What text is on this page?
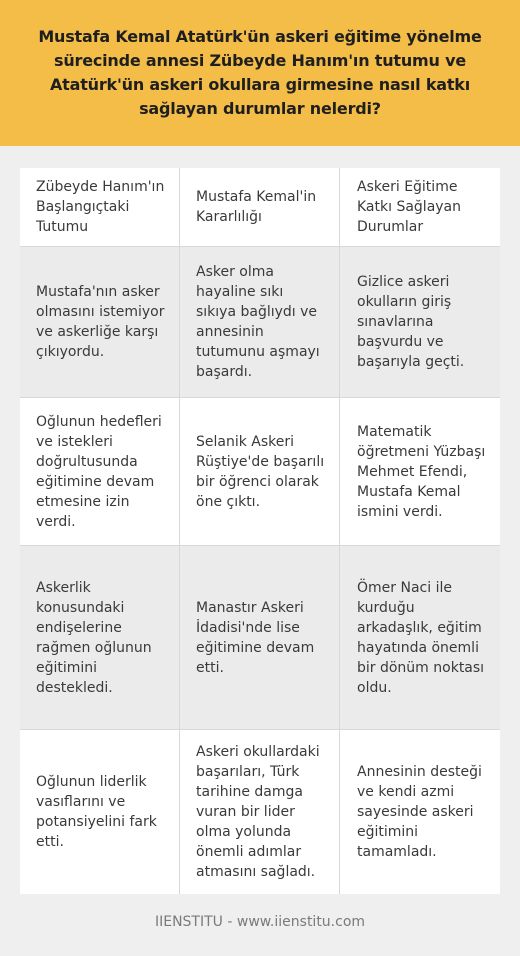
Mustafa Kemal Atatürk'ün askeri eğitime yönelme sürecinde annesi Zübeyde Hanım'ın tutumu ve Atatürk'ün askeri okullara girmesine nasıl katkı sağlayan durumlar nelerdi?
Zübeyde Hanım'ın Başlangıçtaki Tutumu
Mustafa Kemal'in Kararlılığı
Askeri Eğitime Katkı Sağlayan Durumlar
Mustafa'nın asker olmasını istemiyor ve askerliğe karşı çıkıyordu.
Asker olma hayaline sıkı sıkıya bağlıydı ve annesinin tutumunu aşmayı başardı.
Gizlice askeri okulların giriş sınavlarına başvurdu ve başarıyla geçti.
Oğlunun hedefleri ve istekleri doğrultusunda eğitimine devam etmesine izin verdi.
Selanik Askeri Rüştiye'de başarılı bir öğrenci olarak öne çıktı.
Matematik öğretmeni Yüzbaşı Mehmet Efendi, Mustafa Kemal ismini verdi.
Askerlik konusundaki endişelerine rağmen oğlunun eğitimini destekledi.
Manastır Askeri İdadisi'nde lise eğitimine devam etti.
Ömer Naci ile kurduğu arkadaşlık, eğitim hayatında önemli bir dönüm noktası oldu.
Oğlunun liderlik vasıflarını ve potansiyelini fark etti.
Askeri okullardaki başarıları, Türk tarihine damga vuran bir lider olma yolunda önemli adımlar atmasını sağladı.
Annesinin desteği ve kendi azmi sayesinde askeri eğitimini tamamladı.
IIENSTITU - www.iienstitu.com
